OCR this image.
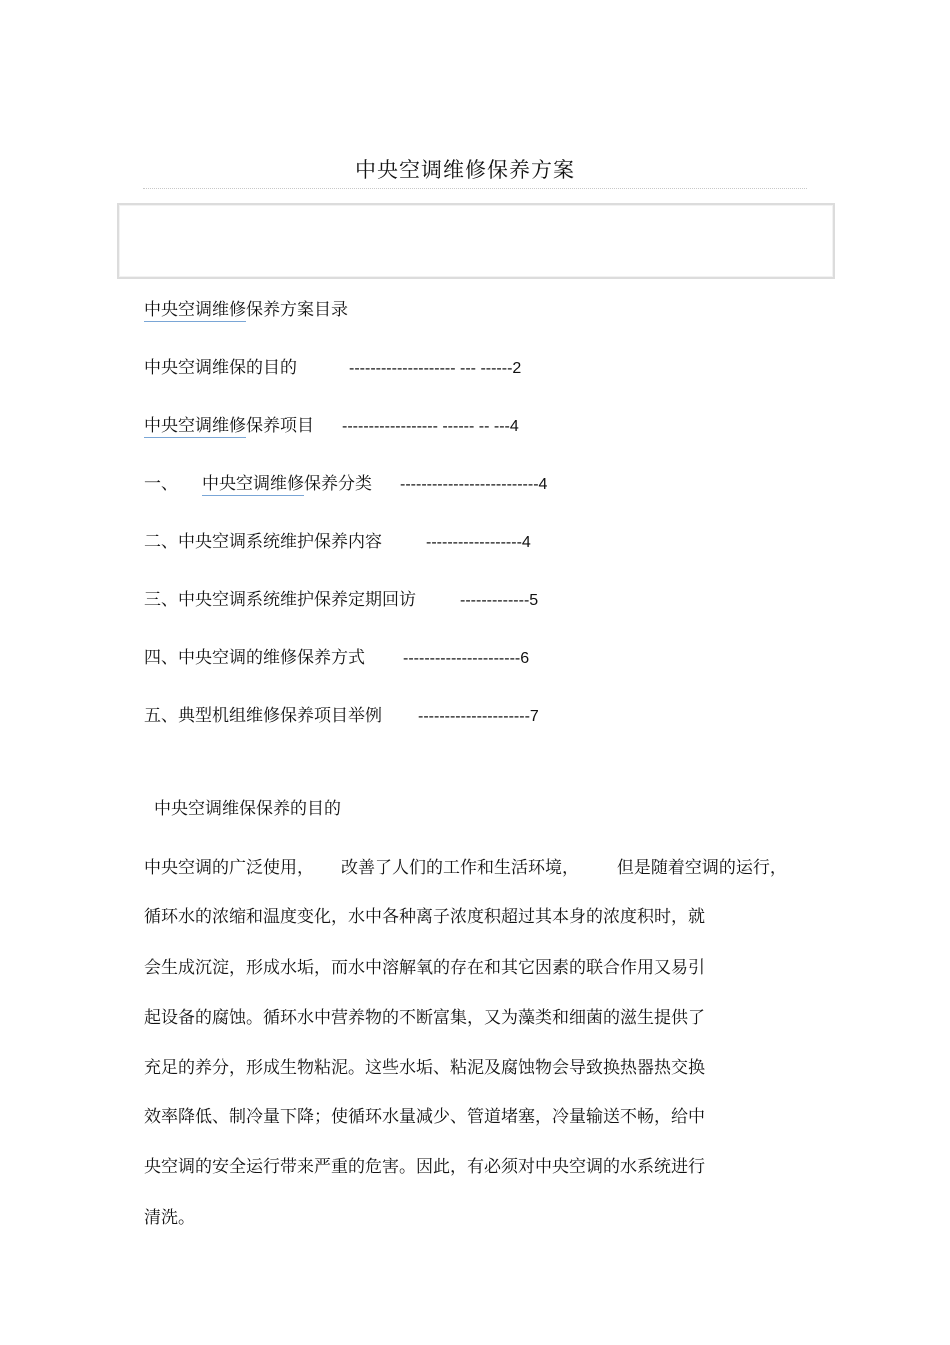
中央空调维修保养方案
中央空调维修保养方案目录
中央空调维保的目的	-------------------- --- ------2
中央空调维修保养项目 ------------------ ------ -- ---4
一、 中央空调维修保养分类 --------------------------4
二、中央空调系统维护保养内容	------------------4
三、中央空调系统维护保养定期回访	-------------5
四、中央空调的维修保养方式 ----------------------6
五、典型机组维修保养项目举例 ---------------------7
中央空调维保保养的目的
中央空调的广泛使用，     改善了人们的工作和生活环境，       但是随着空调的运行，
循环水的浓缩和温度变化，水中各种离子浓度积超过其本身的浓度积时，就
会生成沉淀，形成水垢，而水中溶解氧的存在和其它因素的联合作用又易引
起设备的腐蚀。循环水中营养物的不断富集，又为藻类和细菌的滋生提供了
充足的养分，形成生物粘泥。这些水垢、粘泥及腐蚀物会导致换热器热交换
效率降低、制冷量下降；使循环水量减少、管道堵塞，冷量输送不畅，给中
央空调的安全运行带来严重的危害。因此，有必须对中央空调的水系统进行
清洗。
